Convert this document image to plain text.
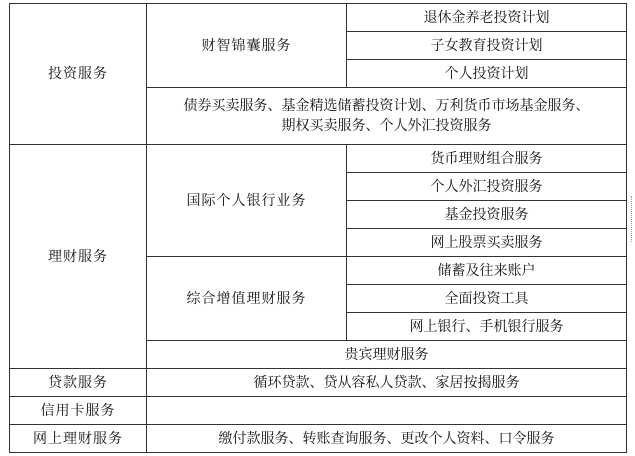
投资服务	财智锦囊服务	退休金养老投资计划
		子女教育投资计划
		个人投资计划

	债券买卖服务、基金精选储蓄投资计划、万利货币市场基金服务、
期权买卖服务、个人外汇投资服务	

理财服务	国际个人银行业务	货币理财组合服务
		个人外汇投资服务
		基金投资服务
		网上股票买卖服务
	综合增值理财服务	储蓄及往来账户
		全面投资工具
		网上银行、手机银行服务
	贵宾理财服务	
贷款服务	循环贷款、贷从容私人贷款、家居按揭服务	
信用卡服务		
网上理财服务	缴付款服务、转账查询服务、更改个人资料、口令服务	
